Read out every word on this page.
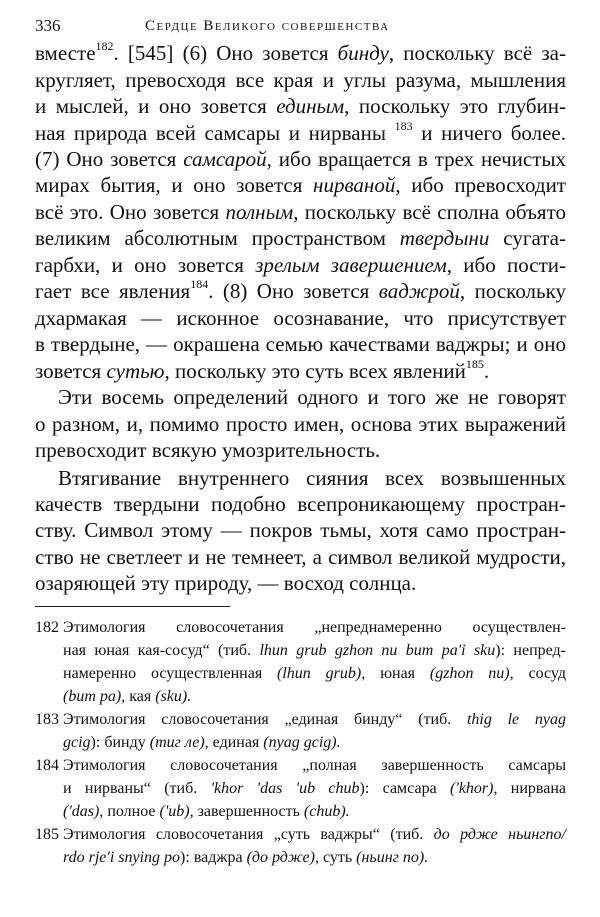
336	Сердце Великого совершенства
вместе$^{182}$. [545] (6) Оно зовется бинду, поскольку всё за-
кругляет, превосходя все края и углы разума, мышления
и мыслей, и оно зовется единым, поскольку это глубин-
ная природа всей самсары и нирваны $^{183}$ и ничего более.
(7) Оно зовется самсарой, ибо вращается в трех нечистых
мирах бытия, и оно зовется нирваной, ибо превосходит
всё это. Оно зовется полным, поскольку всё сполна объято
великим абсолютным пространством твердыни сугата-
гарбхи, и оно зовется зрелым завершением, ибо пости-
гает все явления$^{184}$. (8) Оно зовется ваджрой, поскольку
дхармакая — исконное осознавание, что присутствует
в твердыне, — окрашена семью качествами ваджры; и оно
зовется сутью, поскольку это суть всех явлений$^{185}$.
Эти восемь определений одного и того же не говорят
о разном, и, помимо просто имен, основа этих выражений
превосходит всякую умозрительность.
Втягивание внутреннего сияния всех возвышенных
качеств твердыни подобно всепроникающему простран-
ству. Символ этому — покров тьмы, хотя само простран-
ство не светлеет и не темнеет, а символ великой мудрости,
озаряющей эту природу, — восход солнца.
182 Этимология словосочетания „непреднамеренно осуществлен-
ная юная кая-сосуд“ (тиб. lhun grub gzhon nu bum pa'i sku): непред-
намеренно осуществленная (lhun grub), юная (gzhon nu), сосуд
(bum pa), кая (sku).
183 Этимология словосочетания „единая бинду“ (тиб. thig le nyag
gcig): бинду (тиг ле), единая (nyag gcig).
184 Этимология словосочетания „полная завершенность самсары
и нирваны“ (тиб. 'khor 'das 'ub chub): самсара ('khor), нирвана
('das), полное ('ub), завершенность (chub).
185 Этимология словосочетания „суть ваджры“ (тиб. до рдже ньингпо/
rdo rje'i snying po): ваджра (до рдже), суть (ньинг по).
